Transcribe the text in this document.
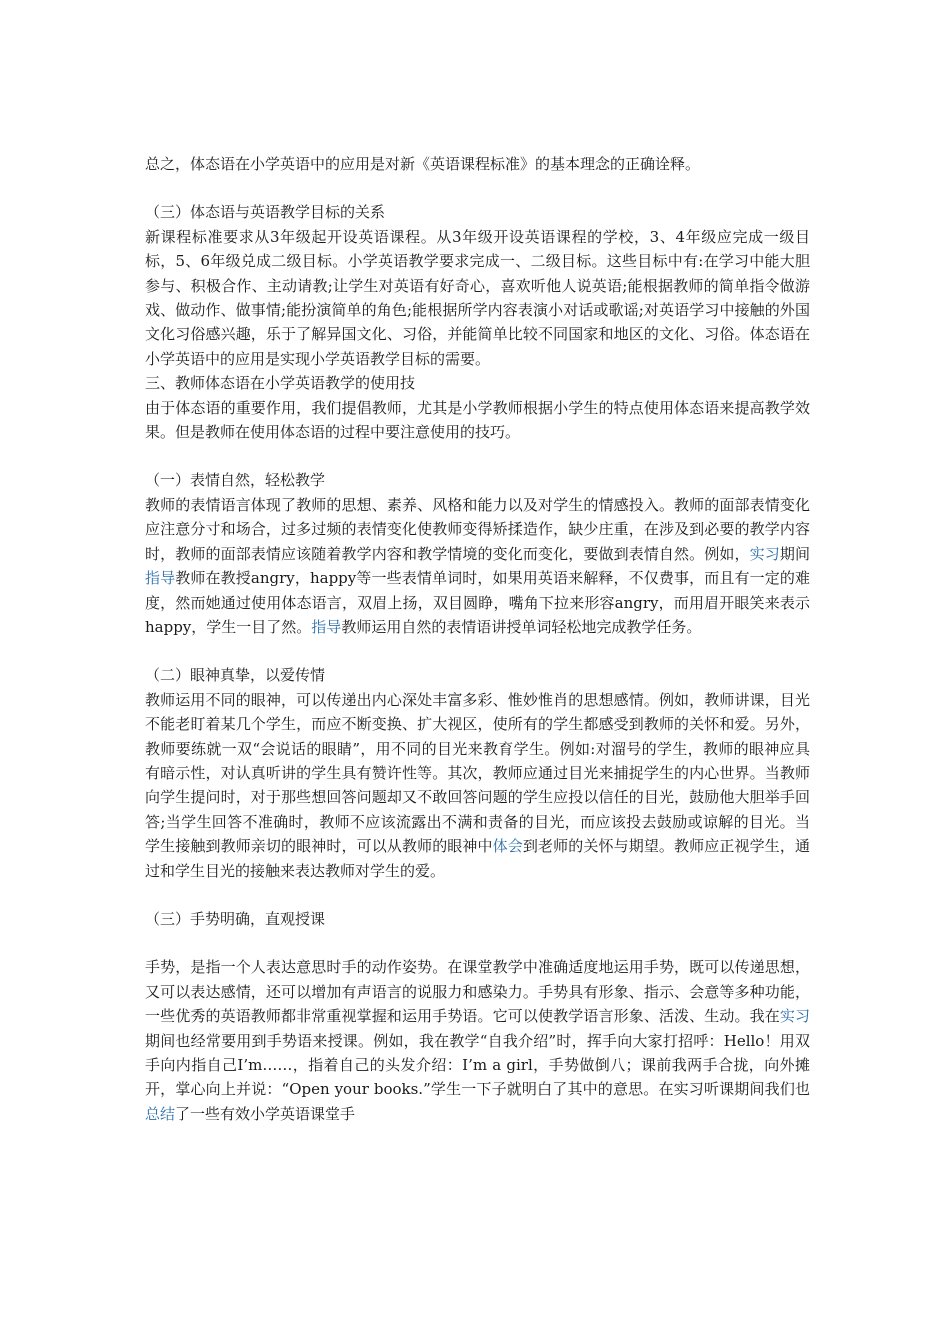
总之，体态语在小学英语中的应用是对新《英语课程标准》的基本理念的正确诠释。

（三）体态语与英语教学目标的关系

新课程标准要求从3年级起开设英语课程。从3年级开设英语课程的学校，3、4年级应完成一级目标，5、6年级兑成二级目标。小学英语教学要求完成一、二级目标。这些目标中有:在学习中能大胆参与、积极合作、主动请教;让学生对英语有好奇心，喜欢听他人说英语;能根据教师的简单指令做游戏、做动作、做事情;能扮演简单的角色;能根据所学内容表演小对话或歌谣;对英语学习中接触的外国文化习俗感兴趣，乐于了解异国文化、习俗，并能简单比较不同国家和地区的文化、习俗。体态语在小学英语中的应用是实现小学英语教学目标的需要。

三、教师体态语在小学英语教学的使用技

由于体态语的重要作用，我们提倡教师，尤其是小学教师根据小学生的特点使用体态语来提高教学效果。但是教师在使用体态语的过程中要注意使用的技巧。

（一）表情自然，轻松教学

教师的表情语言体现了教师的思想、素养、风格和能力以及对学生的情感投入。教师的面部表情变化应注意分寸和场合，过多过频的表情变化使教师变得矫揉造作，缺少庄重，在涉及到必要的教学内容时，教师的面部表情应该随着教学内容和教学情境的变化而变化，要做到表情自然。例如，实习期间指导教师在教授angry，happy等一些表情单词时，如果用英语来解释，不仅费事，而且有一定的难度，然而她通过使用体态语言，双眉上扬，双目圆睁，嘴角下拉来形容angry，而用眉开眼笑来表示happy，学生一目了然。指导教师运用自然的表情语讲授单词轻松地完成教学任务。

（二）眼神真挚，以爱传情

教师运用不同的眼神，可以传递出内心深处丰富多彩、惟妙惟肖的思想感情。例如，教师讲课，目光不能老盯着某几个学生，而应不断变换、扩大视区，使所有的学生都感受到教师的关怀和爱。另外，教师要练就一双“会说话的眼睛”，用不同的目光来教育学生。例如:对溜号的学生，教师的眼神应具有暗示性，对认真听讲的学生具有赞许性等。其次，教师应通过目光来捕捉学生的内心世界。当教师向学生提问时，对于那些想回答问题却又不敢回答问题的学生应投以信任的目光，鼓励他大胆举手回答;当学生回答不准确时，教师不应该流露出不满和责备的目光，而应该投去鼓励或谅解的目光。当学生接触到教师亲切的眼神时，可以从教师的眼神中体会到老师的关怀与期望。教师应正视学生，通过和学生目光的接触来表达教师对学生的爱。

（三）手势明确，直观授课

手势，是指一个人表达意思时手的动作姿势。在课堂教学中准确适度地运用手势，既可以传递思想，又可以表达感情，还可以增加有声语言的说服力和感染力。手势具有形象、指示、会意等多种功能，一些优秀的英语教师都非常重视掌握和运用手势语。它可以使教学语言形象、活泼、生动。我在实习期间也经常要用到手势语来授课。例如，我在教学“自我介绍”时，挥手向大家打招呼：Hello！用双手向内指自己I’m……，指着自己的头发介绍：I’m a girl，手势做倒八；课前我两手合拢，向外摊开，掌心向上并说：“Open your books.”学生一下子就明白了其中的意思。在实习听课期间我们也总结了一些有效小学英语课堂手
